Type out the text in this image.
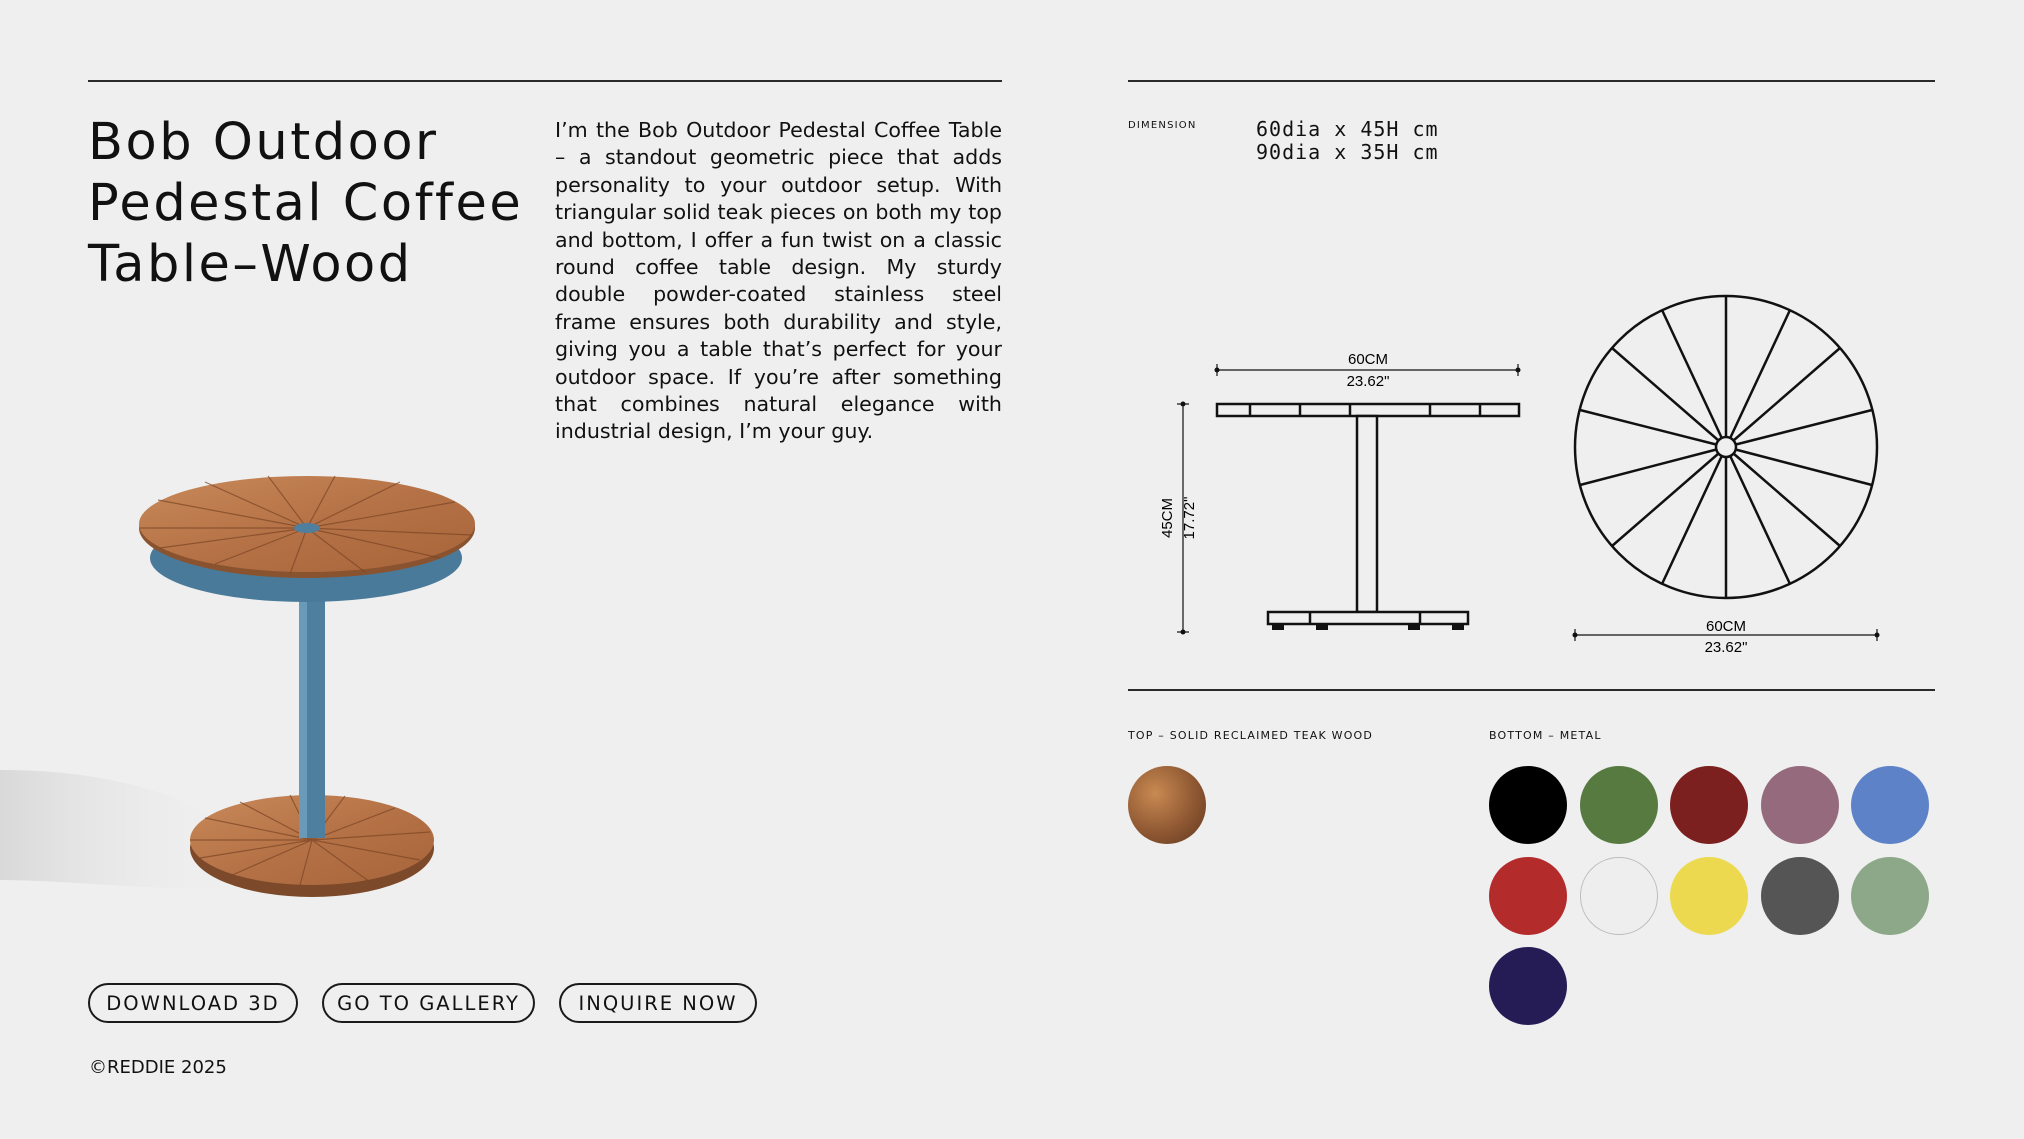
Bob Outdoor
Pedestal Coffee
Table–Wood

I’m the Bob Outdoor Pedestal Coffee Table – a standout geometric piece that adds personality to your outdoor setup. With triangular solid teak pieces on both my top and bottom, I offer a fun twist on a classic round coffee table design. My sturdy double powder-coated stainless steel frame ensures both durability and style, giving you a table that’s perfect for your outdoor space. If you’re after something that combines natural elegance with industrial design, I’m your guy.

DIMENSION	60dia x 45H cm
90dia x 35H cm
60CM
23.62"
45CM 17.72"
60CM
23.62"
TOP – SOLID RECLAIMED TEAK WOOD	BOTTOM – METAL
DOWNLOAD 3D	GO TO GALLERY	INQUIRE NOW
©REDDIE 2025
